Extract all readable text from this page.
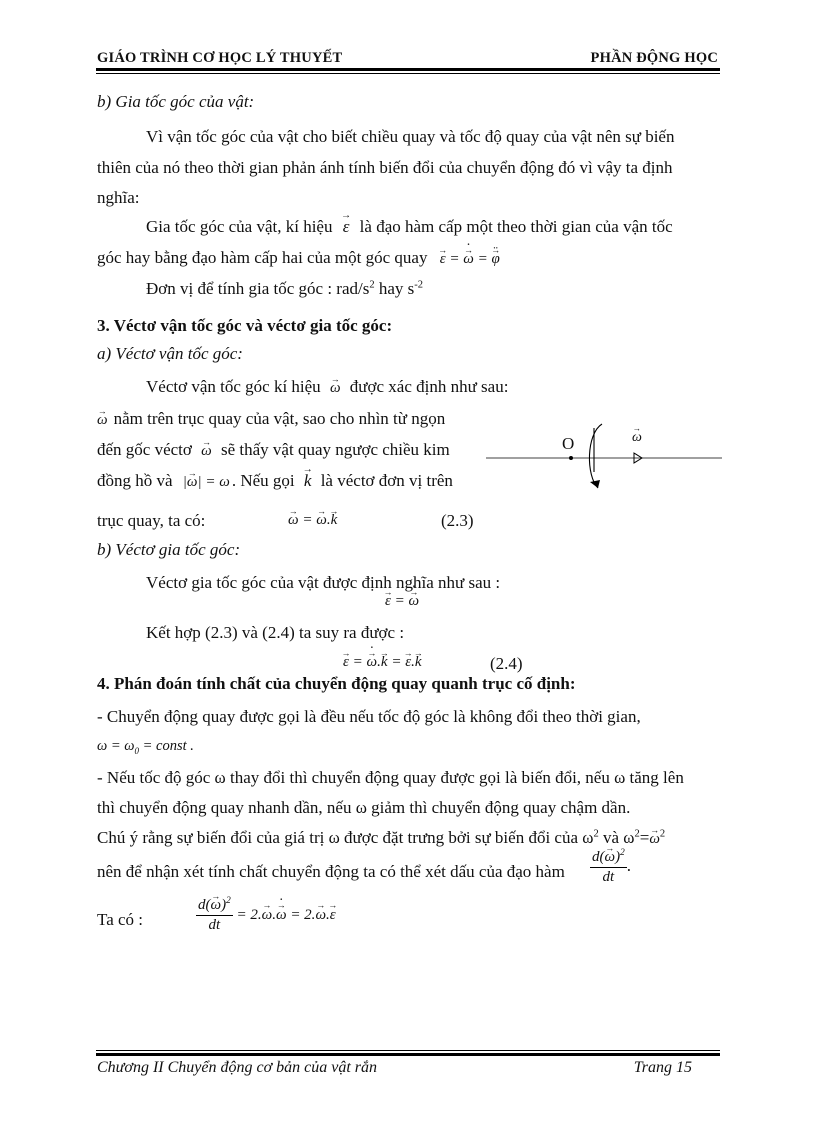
GIÁO TRÌNH CƠ HỌC LÝ THUYẾT	PHẦN ĐỘNG HỌC
b) Gia tốc góc của vật:
Vì vận tốc góc của vật cho biết chiều quay và tốc độ quay của vật nên sự biến
thiên của nó theo thời gian phản ánh tính biến đổi của chuyển động đó vì vậy ta định
nghĩa:
Gia tốc góc của vật, kí hiệu → ε là đạo hàm cấp một theo thời gian của vận tốc
góc hay bằng đạo hàm cấp hai của một góc quay → ε = → ω · = ¨ → φ
Đơn vị để tính gia tốc góc : rad/$s^2$ hay $s^{-2}$
3. Véctơ vận tốc góc và véctơ gia tốc góc:
a) Véctơ vận tốc góc:
Véctơ vận tốc góc kí hiệu → ω được xác định như sau:
→ ω nằm trên trục quay của vật, sao cho nhìn từ ngọn
đến gốc véctơ → ω sẽ thấy vật quay ngược chiều kim
đồng hồ và |→ ω| = ω . Nếu gọi → k là véctơ đơn vị trên
trục quay, ta có:	→ ω = → ω.→ k	(2.3)
O	→ ω
b) Véctơ gia tốc góc:
Véctơ gia tốc góc của vật được định nghĩa như sau :
→ ε = → ω ·
Kết hợp (2.3) và (2.4) ta suy ra được :
→ ε = → ω ·.→ k = → ε.→ k	(2.4)
4. Phán đoán tính chất của chuyển động quay quanh trục cố định:
- Chuyển động quay được gọi là đều nếu tốc độ góc là không đổi theo thời gian,
$\omega = \omega_0$ = const .
- Nếu tốc độ góc ω thay đổi thì chuyển động quay được gọi là biến đổi, nếu ω tăng lên
thì chuyển động quay nhanh dần, nếu ω giảm thì chuyển động quay chậm dần.
Chú ý rằng sự biến đổi của giá trị ω được đặt trưng bởi sự biến đổi của $\omega^2$ và $\omega^2=\to \omega^2$
nên để nhận xét tính chất chuyển động ta có thể xét dấu của đạo hàm $\frac{d(\to \omega)^2}{dt}$ .
Ta có :	$\frac{d(\to \omega)^2}{dt} = 2.\to \omega.\to \omega$ · = 2.→ ω.→ ε
Chương II Chuyển động cơ bản của vật rắn	Trang 15
